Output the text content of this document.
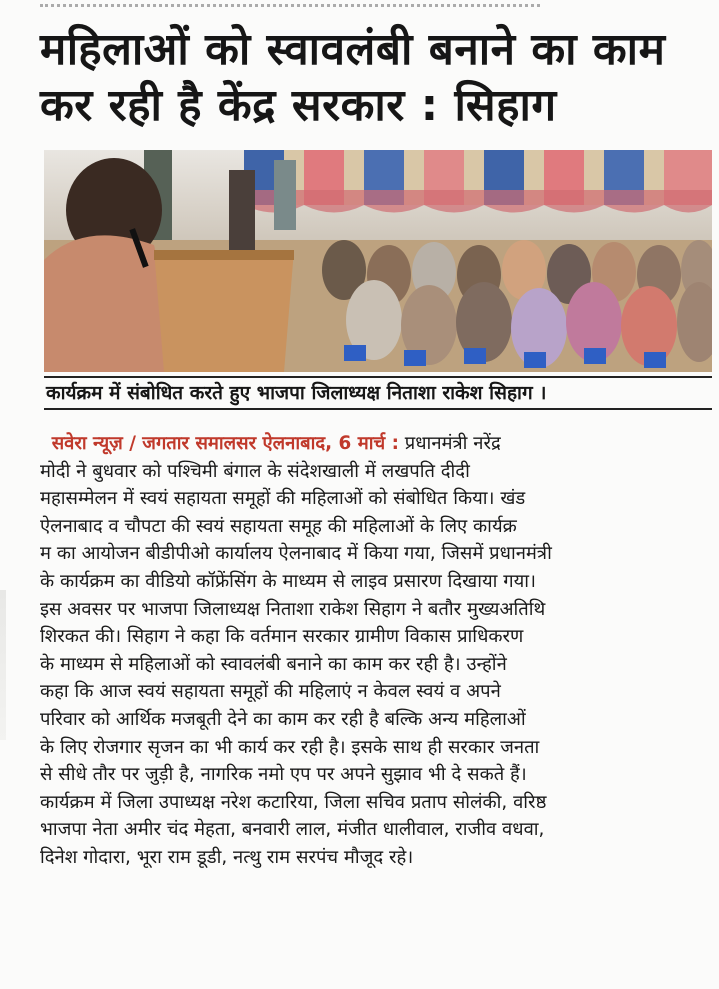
महिलाओं को स्वावलंबी बनाने का काम
कर रही है केंद्र सरकार : सिहाग
कार्यक्रम में संबोधित करते हुए भाजपा जिलाध्यक्ष निताशा राकेश सिहाग ।
सवेरा न्यूज़ / जगतार समालसर ऐलनाबाद, 6 मार्च : प्रधानमंत्री नरेंद्र
मोदी ने बुधवार को पश्चिमी बंगाल के संदेशखाली में लखपति दीदी
महासम्मेलन में स्वयं सहायता समूहों की महिलाओं को संबोधित किया। खंड
ऐलनाबाद व चौपटा की स्वयं सहायता समूह की महिलाओं के लिए कार्यक्र
म का आयोजन बीडीपीओ कार्यालय ऐलनाबाद में किया गया, जिसमें प्रधानमंत्री
के कार्यक्रम का वीडियो कॉफ्रेंसिंग के माध्यम से लाइव प्रसारण दिखाया गया।
इस अवसर पर भाजपा जिलाध्यक्ष निताशा राकेश सिहाग ने बतौर मुख्यअतिथि
शिरकत की। सिहाग ने कहा कि वर्तमान सरकार ग्रामीण विकास प्राधिकरण
के माध्यम से महिलाओं को स्वावलंबी बनाने का काम कर रही है। उन्होंने
कहा कि आज स्वयं सहायता समूहों की महिलाएं न केवल स्वयं व अपने
परिवार को आर्थिक मजबूती देने का काम कर रही है बल्कि अन्य महिलाओं
के लिए रोजगार सृजन का भी कार्य कर रही है। इसके साथ ही सरकार जनता
से सीधे तौर पर जुड़ी है, नागरिक नमो एप पर अपने सुझाव भी दे सकते हैं।
कार्यक्रम में जिला उपाध्यक्ष नरेश कटारिया, जिला सचिव प्रताप सोलंकी, वरिष्ठ
भाजपा नेता अमीर चंद मेहता, बनवारी लाल, मंजीत धालीवाल, राजीव वधवा,
दिनेश गोदारा, भूरा राम डूडी, नत्थु राम सरपंच मौजूद रहे।
